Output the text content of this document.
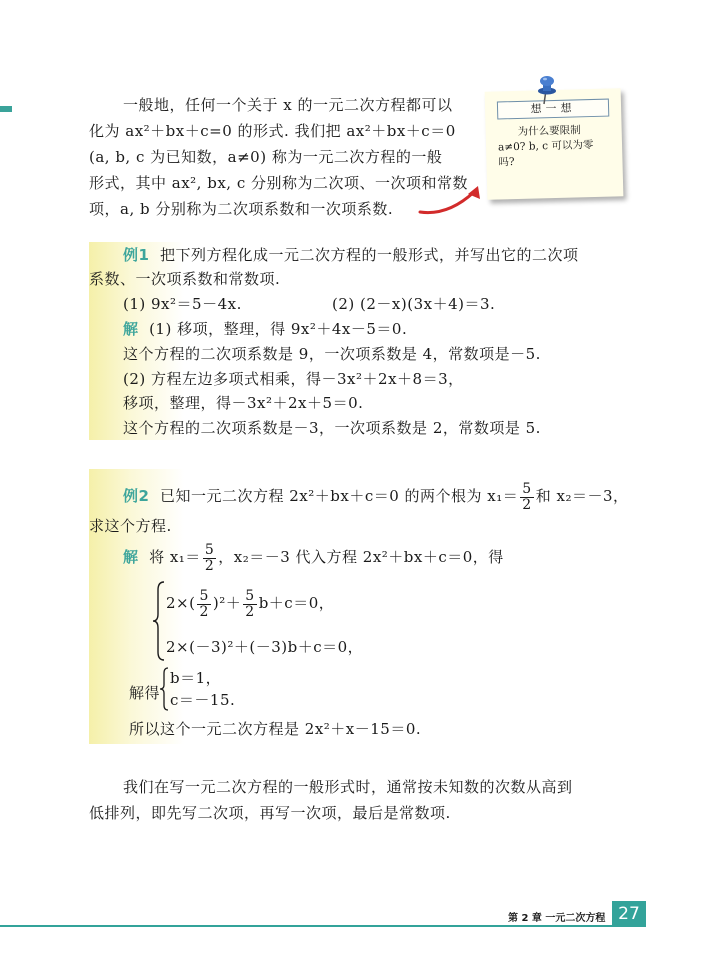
一般地，任何一个关于 x 的一元二次方程都可以
化为 ax²＋bx＋c=0 的形式. 我们把 ax²＋bx＋c＝0
(a, b, c 为已知数，a≠0) 称为一元二次方程的一般
形式，其中 ax², bx, c 分别称为二次项、一次项和常数
项，a, b 分别称为二次项系数和一次项系数.
想一想
为什么要限制
a≠0? b, c 可以为零
吗?
例1 把下列方程化成一元二次方程的一般形式，并写出它的二次项
系数、一次项系数和常数项.
(1) 9x²＝5－4x.	(2) (2－x)(3x＋4)＝3.
解 (1) 移项，整理，得 9x²＋4x－5＝0.
这个方程的二次项系数是 9，一次项系数是 4，常数项是－5.
(2) 方程左边多项式相乘，得－3x²＋2x＋8＝3，
移项，整理，得－3x²＋2x＋5＝0.
这个方程的二次项系数是－3，一次项系数是 2，常数项是 5.
例2 已知一元二次方程 2x²＋bx＋c＝0 的两个根为 $x_1= \frac{5}{2}$ 和 x₂＝－3，
求这个方程.
解 将 $x_1= \frac{5}{2}$ ，x₂＝－3 代入方程 2x²＋bx＋c＝0，得
$2\times( \frac{5}{2} )^2+ \frac{5}{2} b+c=0$，
2×(－3)²＋(－3)b＋c＝0，
解得
b＝1，
c＝－15.
所以这个一元二次方程是 2x²＋x－15＝0.
我们在写一元二次方程的一般形式时，通常按未知数的次数从高到
低排列，即先写二次项，再写一次项，最后是常数项.
第 2 章 一元二次方程 27
